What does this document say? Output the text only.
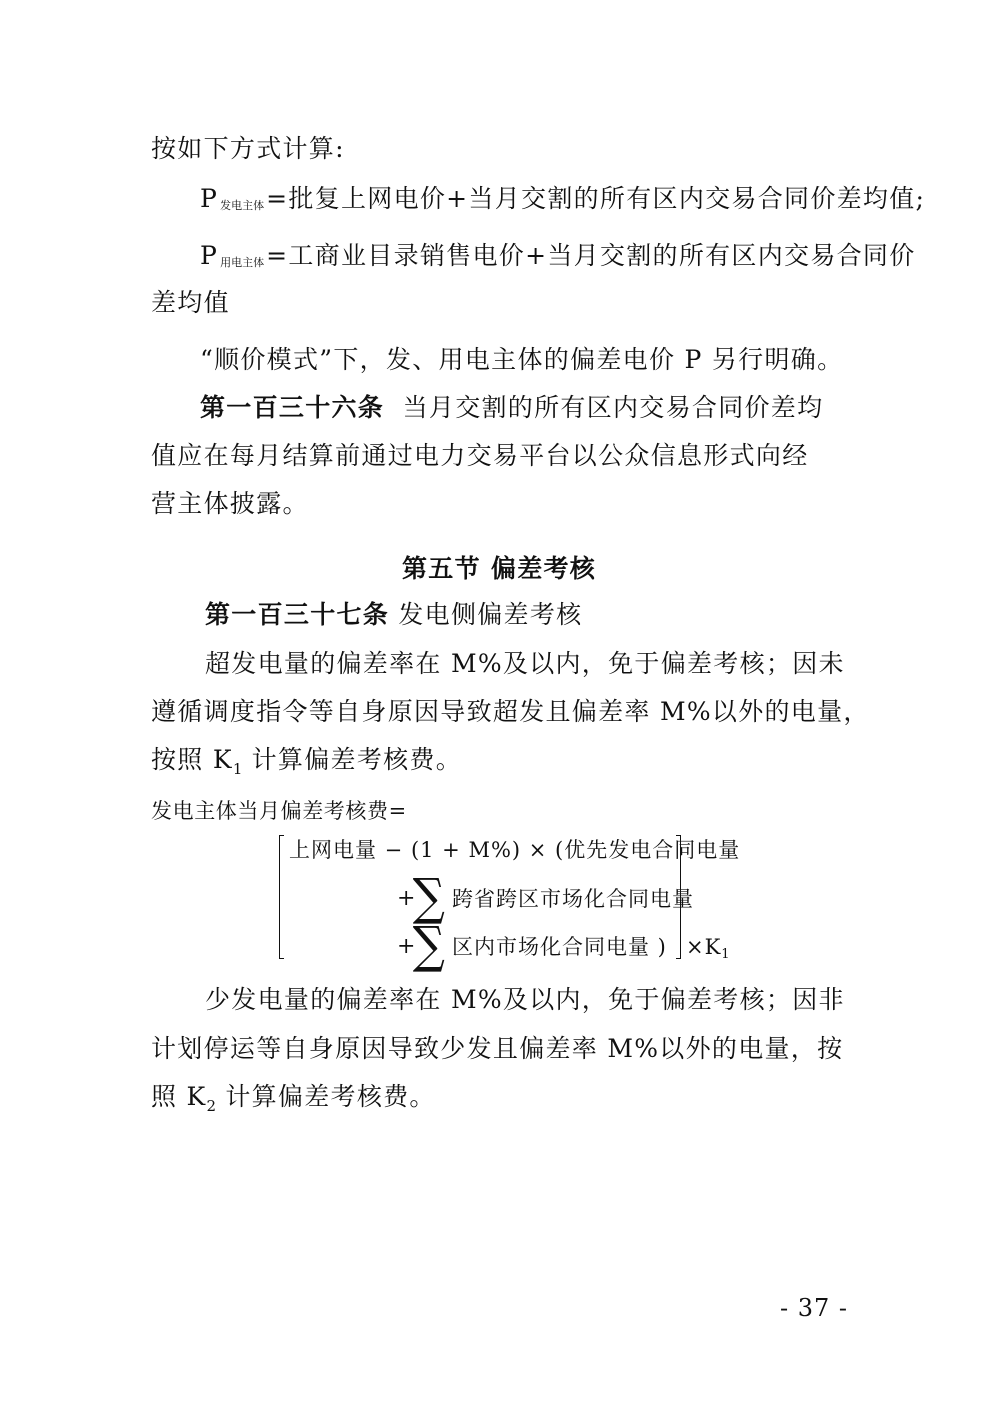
按如下方式计算:
P发电主体=批复上网电价+当月交割的所有区内交易合同价差均值;
P用电主体=工商业目录销售电价+当月交割的所有区内交易合同价
差均值
“顺价模式”下，发、用电主体的偏差电价 P 另行明确。
第一百三十六条 当月交割的所有区内交易合同价差均
值应在每月结算前通过电力交易平台以公众信息形式向经
营主体披露。
第五节 偏差考核
第一百三十七条 发电侧偏差考核
超发电量的偏差率在 M%及以内，免于偏差考核；因未
遵循调度指令等自身原因导致超发且偏差率 M%以外的电量，
按照 $K_1$ 计算偏差考核费。
发电主体当月偏差考核费=
上网电量 − (1 + M%) × (优先发电合同电量
+
∑ 跨省跨区市场化合同电量
+
∑ 区内市场化合同电量 ) ×K1
少发电量的偏差率在 M%及以内，免于偏差考核；因非
计划停运等自身原因导致少发且偏差率 M%以外的电量，按
照 $K_2$ 计算偏差考核费。
- 37 -
